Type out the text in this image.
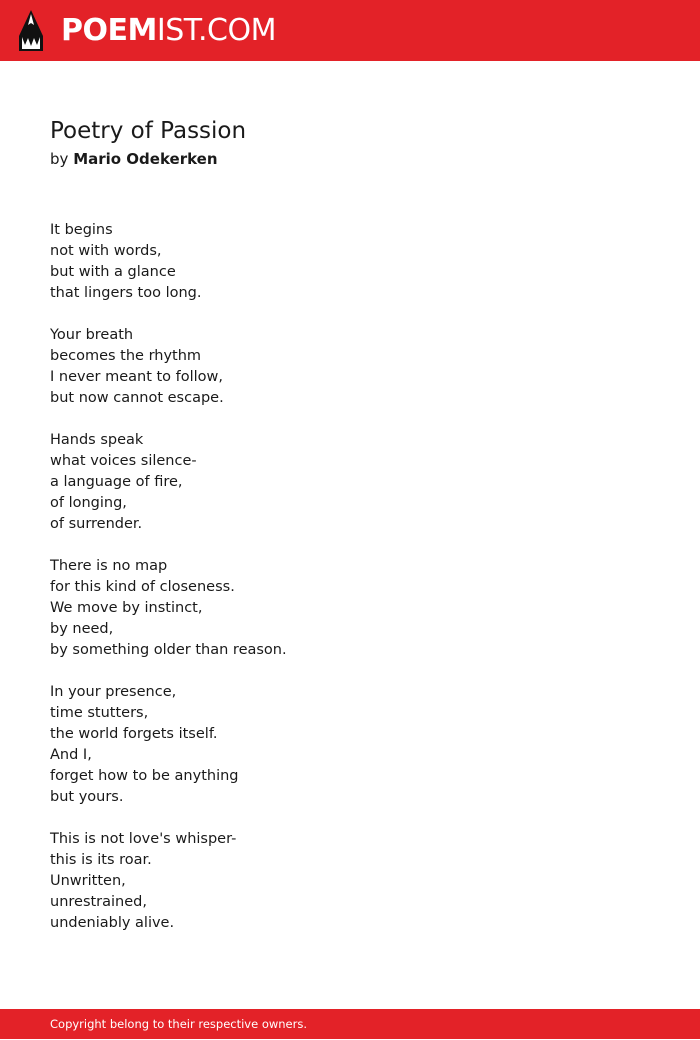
POEMIST.COM
Poetry of Passion
by Mario Odekerken
It begins
not with words,
but with a glance
that lingers too long.
Your breath
becomes the rhythm
I never meant to follow,
but now cannot escape.
Hands speak
what voices silence-
a language of fire,
of longing,
of surrender.
There is no map
for this kind of closeness.
We move by instinct,
by need,
by something older than reason.
In your presence,
time stutters,
the world forgets itself.
And I,
forget how to be anything
but yours.
This is not love's whisper-
this is its roar.
Unwritten,
unrestrained,
undeniably alive.
Copyright belong to their respective owners.
